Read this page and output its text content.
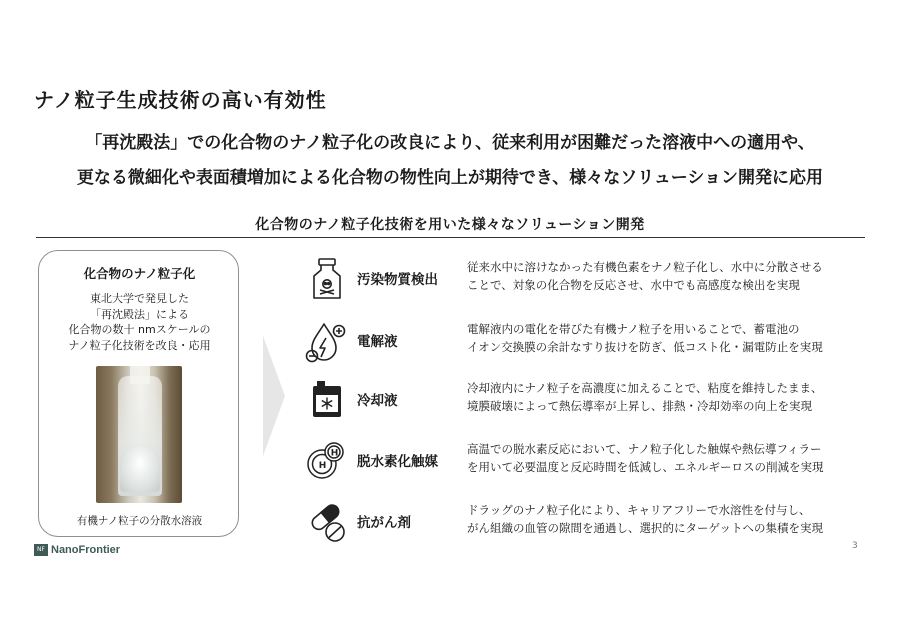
ナノ粒子生成技術の高い有効性
「再沈殿法」での化合物のナノ粒子化の改良により、従来利用が困難だった溶液中への適用や、
更なる微細化や表面積増加による化合物の物性向上が期待でき、様々なソリューション開発に応用
化合物のナノ粒子化技術を用いた様々なソリューション開発
化合物のナノ粒子化
東北大学で発見した
「再沈殿法」による
化合物の数十 nmスケールの
ナノ粒子化技術を改良・応用
有機ナノ粒子の分散水溶液
汚染物質検出
従来水中に溶けなかった有機色素をナノ粒子化し、水中に分散させる
ことで、対象の化合物を反応させ、水中でも高感度な検出を実現
電解液
電解液内の電化を帯びた有機ナノ粒子を用いることで、蓄電池の
イオン交換膜の余計なすり抜けを防ぎ、低コスト化・漏電防止を実現
冷却液
冷却液内にナノ粒子を高濃度に加えることで、粘度を維持したまま、
境膜破壊によって熱伝導率が上昇し、排熱・冷却効率の向上を実現
H
H 脱水素化触媒
高温での脱水素反応において、ナノ粒子化した触媒や熱伝導フィラー
を用いて必要温度と反応時間を低減し、エネルギーロスの削減を実現
抗がん剤
ドラッグのナノ粒子化により、キャリアフリーで水溶性を付与し、
がん組織の血管の隙間を通過し、選択的にターゲットへの集積を実現
NF NanoFrontier	3
